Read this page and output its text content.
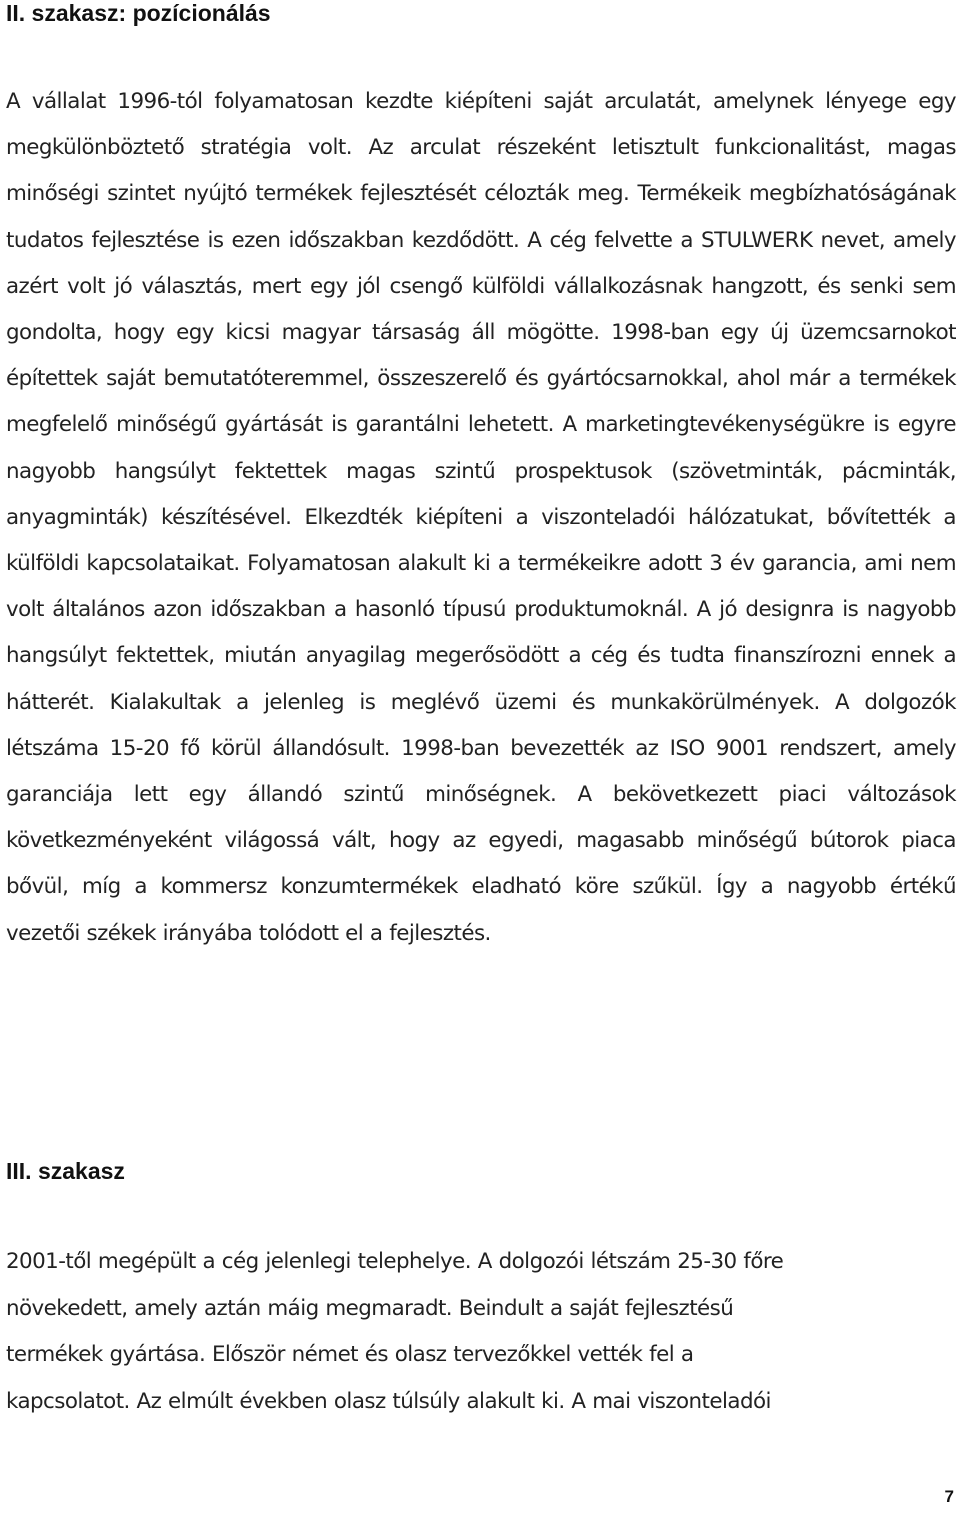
II. szakasz: pozícionálás

A vállalat 1996-tól folyamatosan kezdte kiépíteni saját arculatát, amelynek lényege egy megkülönböztető stratégia volt. Az arculat részeként letisztult funkcionalitást, magas minőségi szintet nyújtó termékek fejlesztését célozták meg. Termékeik megbízhatóságának tudatos fejlesztése is ezen időszakban kezdődött. A cég felvette a STULWERK nevet, amely azért volt jó választás, mert egy jól csengő külföldi vállalkozásnak hangzott, és senki sem gondolta, hogy egy kicsi magyar társaság áll mögötte. 1998-ban egy új üzemcsarnokot építettek saját bemutatóteremmel, összeszerelő és gyártócsarnokkal, ahol már a termékek megfelelő minőségű gyártását is garantálni lehetett. A marketingtevékenységükre is egyre nagyobb hangsúlyt fektettek magas szintű prospektusok (szövetminták, pácminták, anyagminták) készítésével. Elkezdték kiépíteni a viszonteladói hálózatukat, bővítették a külföldi kapcsolataikat. Folyamatosan alakult ki a termékeikre adott 3 év garancia, ami nem volt általános azon időszakban a hasonló típusú produktumoknál. A jó designra is nagyobb hangsúlyt fektettek, miután anyagilag megerősödött a cég és tudta finanszírozni ennek a hátterét. Kialakultak a jelenleg is meglévő üzemi és munkakörülmények. A dolgozók létszáma 15-20 fő körül állandósult. 1998-ban bevezették az ISO 9001 rendszert, amely garanciája lett egy állandó szintű minőségnek. A bekövetkezett piaci változások következményeként világossá vált, hogy az egyedi, magasabb minőségű bútorok piaca bővül, míg a kommersz konzumtermékek eladható köre szűkül. Így a nagyobb értékű vezetői székek irányába tolódott el a fejlesztés.

III. szakasz

2001-től megépült a cég jelenlegi telephelye. A dolgozói létszám 25-30 főre
növekedett, amely aztán máig megmaradt. Beindult a saját fejlesztésű
termékek gyártása. Először német és olasz tervezőkkel vették fel a
kapcsolatot. Az elmúlt években olasz túlsúly alakult ki. A mai viszonteladói

7
